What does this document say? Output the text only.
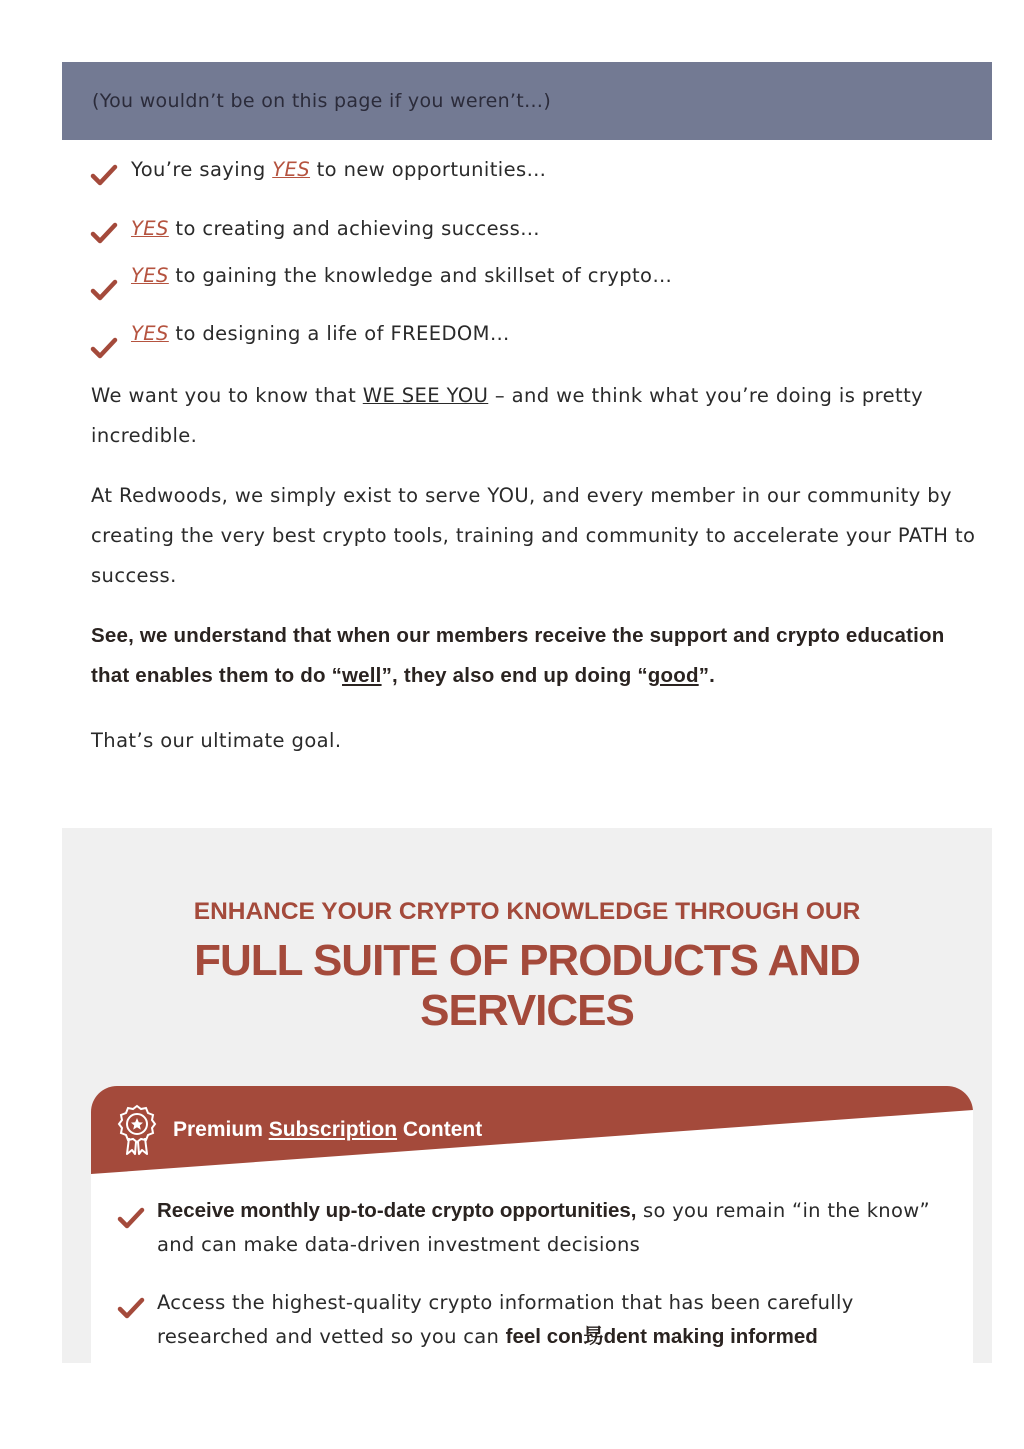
(You wouldn’t be on this page if you weren’t…)
You’re saying YES to new opportunities…
YES to creating and achieving success…
YES to gaining the knowledge and skillset of crypto…
YES to designing a life of FREEDOM…
We want you to know that WE SEE YOU – and we think what you’re doing is pretty incredible.
At Redwoods, we simply exist to serve YOU, and every member in our community by creating the very best crypto tools, training and community to accelerate your PATH to success.
See, we understand that when our members receive the support and crypto education that enables them to do “well”, they also end up doing “good”.
That’s our ultimate goal.
ENHANCE YOUR CRYPTO KNOWLEDGE THROUGH OUR
FULL SUITE OF PRODUCTS AND
SERVICES
Premium Subscription Content
Receive monthly up-to-date crypto opportunities, so you remain “in the know” and can make data-driven investment decisions
Access the highest-quality crypto information that has been carefully researched and vetted so you can feel con昮dent making informed
